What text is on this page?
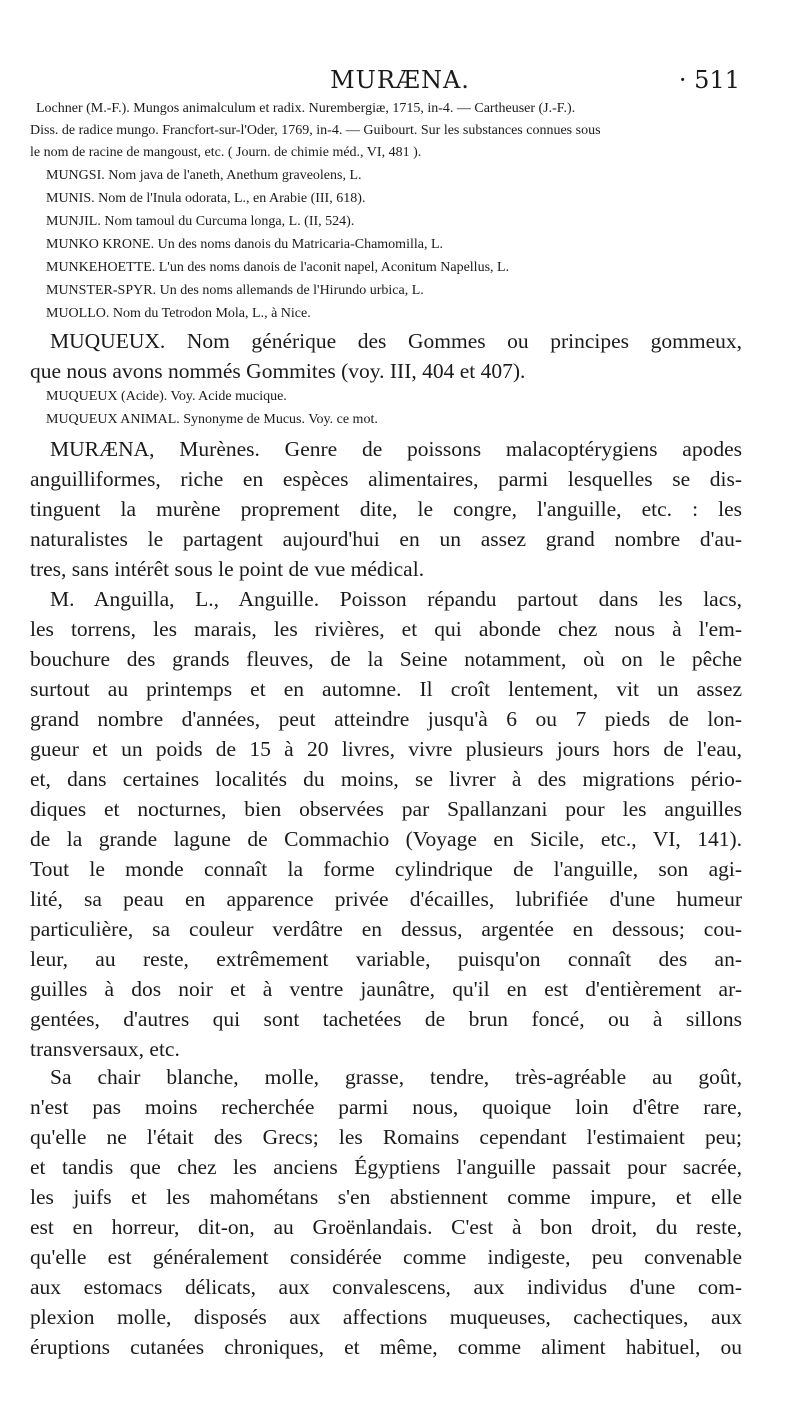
MURÆNA.	· 511
Lochner (M.-F.). Mungos animalculum et radix. Nurembergiæ, 1715, in-4. — Cartheuser (J.-F.).
Diss. de radice mungo. Francfort-sur-l'Oder, 1769, in-4. — Guibourt. Sur les substances connues sous
le nom de racine de mangoust, etc. ( Journ. de chimie méd., VI, 481 ).
MUNGSI. Nom java de l'aneth, Anethum graveolens, L.
MUNIS. Nom de l'Inula odorata, L., en Arabie (III, 618).
MUNJIL. Nom tamoul du Curcuma longa, L. (II, 524).
MUNKO KRONE. Un des noms danois du Matricaria-Chamomilla, L.
MUNKEHOETTE. L'un des noms danois de l'aconit napel, Aconitum Napellus, L.
MUNSTER-SPYR. Un des noms allemands de l'Hirundo urbica, L.
MUOLLO. Nom du Tetrodon Mola, L., à Nice.

MUQUEUX. Nom générique des Gommes ou principes gommeux,

que nous avons nommés Gommites (voy. III, 404 et 407).

MUQUEUX (Acide). Voy. Acide mucique.
MUQUEUX ANIMAL. Synonyme de Mucus. Voy. ce mot.

MURÆNA, Murènes. Genre de poissons malacoptérygiens apodes

anguilliformes, riche en espèces alimentaires, parmi lesquelles se dis-

tinguent la murène proprement dite, le congre, l'anguille, etc. : les

naturalistes le partagent aujourd'hui en un assez grand nombre d'au-

tres, sans intérêt sous le point de vue médical.

M. Anguilla, L., Anguille. Poisson répandu partout dans les lacs,

les torrens, les marais, les rivières, et qui abonde chez nous à l'em-

bouchure des grands fleuves, de la Seine notamment, où on le pêche

surtout au printemps et en automne. Il croît lentement, vit un assez

grand nombre d'années, peut atteindre jusqu'à 6 ou 7 pieds de lon-

gueur et un poids de 15 à 20 livres, vivre plusieurs jours hors de l'eau,

et, dans certaines localités du moins, se livrer à des migrations pério-

diques et nocturnes, bien observées par Spallanzani pour les anguilles

de la grande lagune de Commachio (Voyage en Sicile, etc., VI, 141).

Tout le monde connaît la forme cylindrique de l'anguille, son agi-

lité, sa peau en apparence privée d'écailles, lubrifiée d'une humeur

particulière, sa couleur verdâtre en dessus, argentée en dessous; cou-

leur, au reste, extrêmement variable, puisqu'on connaît des an-

guilles à dos noir et à ventre jaunâtre, qu'il en est d'entièrement ar-

gentées, d'autres qui sont tachetées de brun foncé, ou à sillons

transversaux, etc.

Sa chair blanche, molle, grasse, tendre, très-agréable au goût,

n'est pas moins recherchée parmi nous, quoique loin d'être rare,

qu'elle ne l'était des Grecs; les Romains cependant l'estimaient peu;

et tandis que chez les anciens Égyptiens l'anguille passait pour sacrée,

les juifs et les mahométans s'en abstiennent comme impure, et elle

est en horreur, dit-on, au Groënlandais. C'est à bon droit, du reste,

qu'elle est généralement considérée comme indigeste, peu convenable

aux estomacs délicats, aux convalescens, aux individus d'une com-

plexion molle, disposés aux affections muqueuses, cachectiques, aux

éruptions cutanées chroniques, et même, comme aliment habituel, ou
